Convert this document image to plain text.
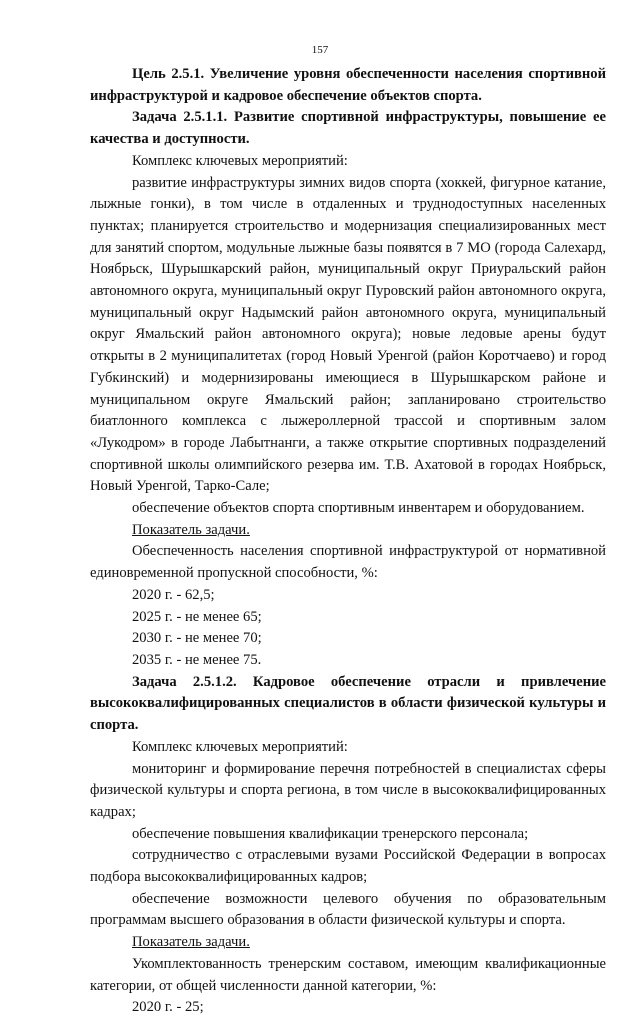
157

Цель 2.5.1. Увеличение уровня обеспеченности населения спортивной инфраструктурой и кадровое обеспечение объектов спорта.

Задача 2.5.1.1. Развитие спортивной инфраструктуры, повышение ее качества и доступности.

Комплекс ключевых мероприятий:

развитие инфраструктуры зимних видов спорта (хоккей, фигурное катание, лыжные гонки), в том числе в отдаленных и труднодоступных населенных пунктах; планируется строительство и модернизация специализированных мест для занятий спортом, модульные лыжные базы появятся в 7 МО (города Салехард, Ноябрьск, Шурышкарский район, муниципальный округ Приуральский район автономного округа, муниципальный округ Пуровский район автономного округа, муниципальный округ Надымский район автономного округа, муниципальный округ Ямальский район автономного округа); новые ледовые арены будут открыты в 2 муниципалитетах (город Новый Уренгой (район Коротчаево) и город Губкинский) и модернизированы имеющиеся в Шурышкарском районе и муниципальном округе Ямальский район; запланировано строительство биатлонного комплекса с лыжероллерной трассой и спортивным залом «Лукодром» в городе Лабытнанги, а также открытие спортивных подразделений спортивной школы олимпийского резерва им. Т.В. Ахатовой в городах Ноябрьск, Новый Уренгой, Тарко-Сале;

обеспечение объектов спорта спортивным инвентарем и оборудованием.

Показатель задачи.

Обеспеченность населения спортивной инфраструктурой от нормативной единовременной пропускной способности, %:

2020 г. - 62,5;

2025 г. - не менее 65;

2030 г. - не менее 70;

2035 г. - не менее 75.

Задача 2.5.1.2. Кадровое обеспечение отрасли и привлечение высококвалифицированных специалистов в области физической культуры и спорта.

Комплекс ключевых мероприятий:

мониторинг и формирование перечня потребностей в специалистах сферы физической культуры и спорта региона, в том числе в высококвалифицированных кадрах;

обеспечение повышения квалификации тренерского персонала;

сотрудничество с отраслевыми вузами Российской Федерации в вопросах подбора высококвалифицированных кадров;

обеспечение возможности целевого обучения по образовательным программам высшего образования в области физической культуры и спорта.

Показатель задачи.

Укомплектованность тренерским составом, имеющим квалификационные категории, от общей численности данной категории, %:

2020 г. - 25;
